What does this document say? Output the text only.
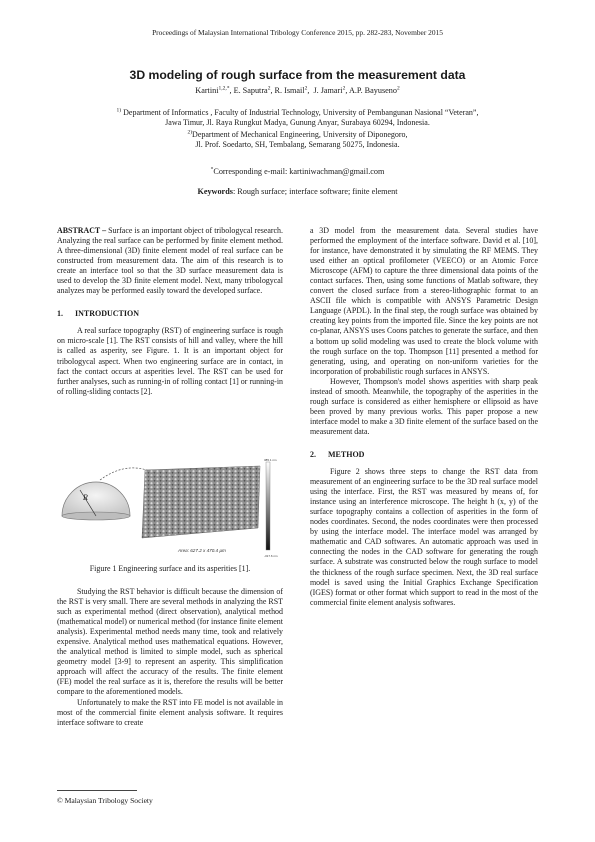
Proceedings of Malaysian International Tribology Conference 2015, pp. 282-283, November 2015
3D modeling of rough surface from the measurement data
Kartini$^{1,2,*}$, E. Saputra$^2$, R. Ismail$^2$,  J. Jamari$^2$, A.P. Bayuseno$^2$
$^{1)}$ Department of Informatics , Faculty of Industrial Technology, University of Pembangunan Nasional “Veteran”,
Jawa Timur, Jl. Raya Rungkut Madya, Gunung Anyar, Surabaya 60294, Indonesia.
$^{2)}$Department of Mechanical Engineering, University of Diponegoro,
Jl. Prof. Soedarto, SH, Tembalang, Semarang 50275, Indonesia.
*Corresponding e-mail: kartiniwachman@gmail.com
Keywords: Rough surface; interface software; finite element

ABSTRACT – Surface is an important object of tribologycal research. Analyzing the real surface can be performed by finite element method. A three-dimensional (3D) finite element model of real surface can be constructed from measurement data. The aim of this research is to create an interface tool so that the 3D surface measurement data is used to develop the 3D finite element model. Next, many tribologycal analyzes may be performed easily toward the developed surface.

1.      INTRODUCTION

A real surface topography (RST) of engineering surface is rough on micro-scale [1]. The RST consists of hill and valley, where the hill is called as asperity, see Figure. 1. It is an important object for tribologycal aspect. When two engineering surface are in contact, in fact the contact occurs at asperities level. The RST can be used for further analyses, such as running-in of rolling contact [1] or running-in of rolling-sliding contacts [2].

R
385.1 nm
-317.6 nm
Area: 627.2 x 470.4 µm
Figure 1 Engineering surface and its asperities [1].

Studying the RST behavior is difficult because the dimension of the RST is very small. There are several methods in analyzing the RST such as experimental method (direct observation), analytical method (mathematical model) or numerical method (for instance finite element analysis). Experimental method needs many time, took and relatively expensive. Analytical method uses mathematical equations. However, the analytical method is limited to simple model, such as spherical geometry model [3-9] to represent an asperity. This simplification approach will affect the accuracy of the results. The finite element (FE) model the real surface as it is, therefore the results will be better compare to the aforementioned models.

Unfortunately to make the RST into FE model is not available in most of the commercial finite element analysis software. It requires interface software to create

a 3D model from the measurement data. Several studies have performed the employment of the interface software. David et al. [10], for instance, have demonstrated it by simulating the RF MEMS. They used either an optical profilometer (VEECO) or an Atomic Force Microscope (AFM) to capture the three dimensional data points of the contact surfaces. Then, using some functions of Matlab software, they convert the closed surface from a stereo-lithographic format to an ASCII file which is compatible with ANSYS Parametric Design Language (APDL). In the final step, the rough surface was obtained by creating key points from the imported file. Since the key points are not co-planar, ANSYS uses Coons patches to generate the surface, and then a bottom up solid modeling was used to create the block volume with the rough surface on the top. Thompson [11] presented a method for generating, using, and operating on non-uniform varieties for the incorporation of probabilistic rough surfaces in ANSYS.

However, Thompson's model shows asperities with sharp peak instead of smooth. Meanwhile, the topography of the asperities in the rough surface is considered as either hemisphere or ellipsoid as have been proved by many previous works. This paper propose a new interface model to make a 3D finite element of the surface based on the measurement data.

2.      METHOD

Figure 2 shows three steps to change the RST data from measurement of an engineering surface to be the 3D real surface model using the interface. First, the RST was measured by means of, for instance using an interference microscope. The height h (x, y) of the surface topography contains a collection of asperities in the form of nodes coordinates. Second, the nodes coordinates were then processed by using the interface model. The interface model was arranged by mathematic and CAD softwares. An automatic approach was used in connecting the nodes in the CAD software for generating the rough surface. A substrate was constructed below the rough surface to model the thickness of the rough surface specimen. Next, the 3D real surface model is saved using the Initial Graphics Exchange Specification (IGES) format or other format which support to read in the most of the commercial finite element analysis softwares.

© Malaysian Tribology Society
